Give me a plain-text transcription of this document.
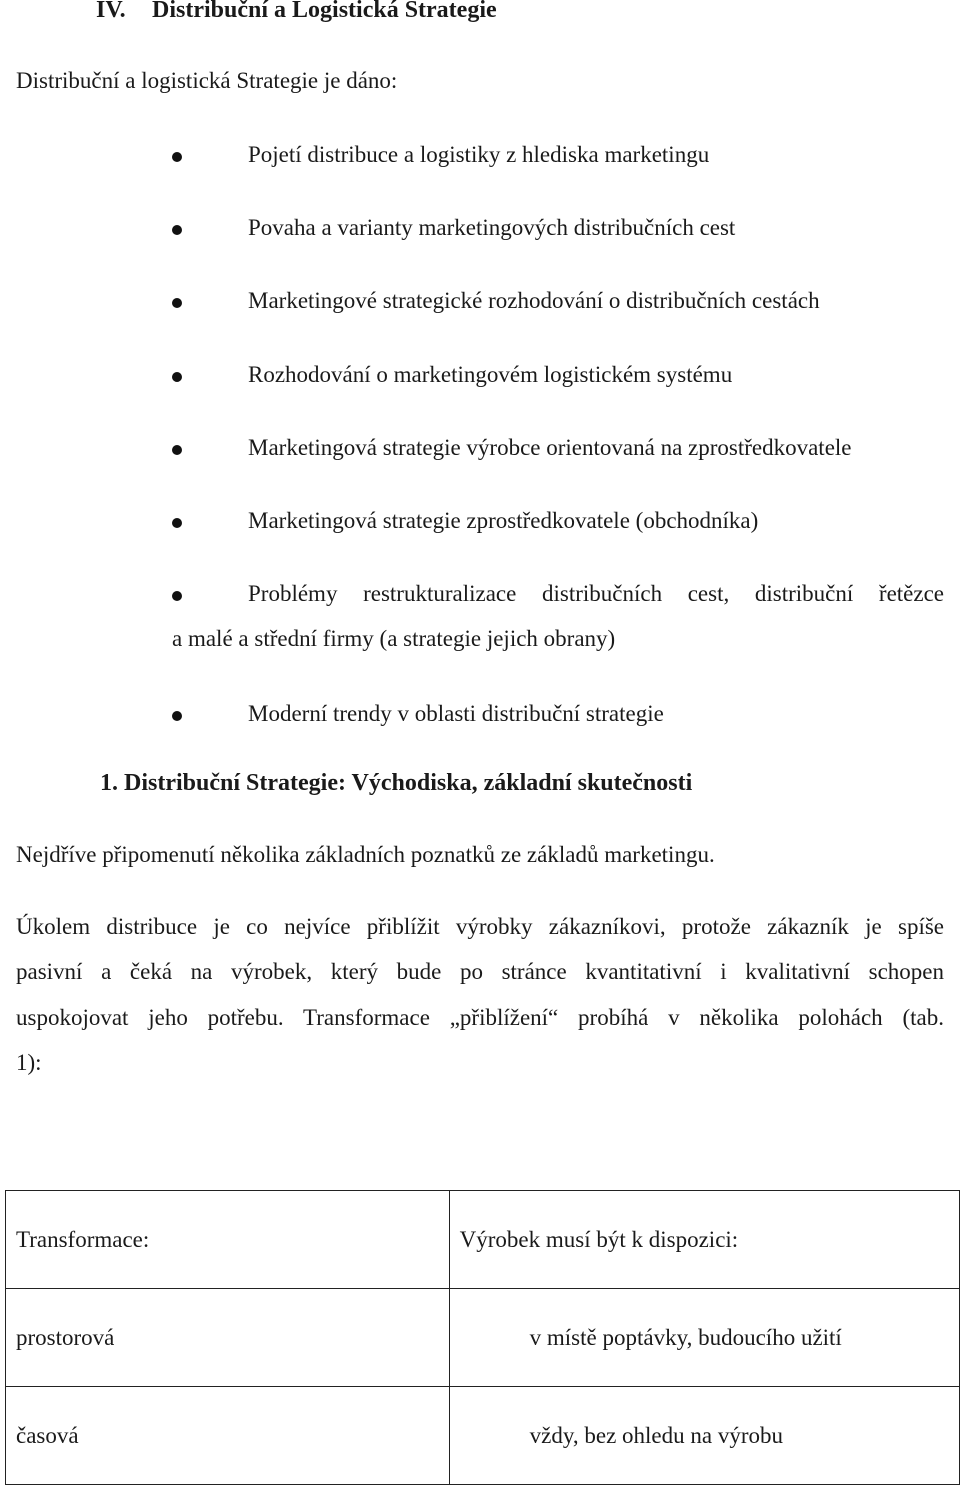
IV. Distribuční a Logistická Strategie
Distribuční a logistická Strategie je dáno:
Pojetí distribuce a logistiky z hlediska marketingu
Povaha a varianty marketingových distribučních cest
Marketingové strategické rozhodování o distribučních cestách
Rozhodování o marketingovém logistickém systému
Marketingová strategie výrobce orientovaná na zprostředkovatele
Marketingová strategie zprostředkovatele (obchodníka)
Problémy restrukturalizace distribučních cest, distribuční řetězce
a malé a střední firmy (a strategie jejich obrany)
Moderní trendy v oblasti distribuční strategie
1. Distribuční Strategie: Východiska, základní skutečnosti
Nejdříve připomenutí několika základních poznatků ze základů marketingu.
Úkolem distribuce je co nejvíce přiblížit výrobky zákazníkovi, protože zákazník je spíše
pasivní a čeká na výrobek, který bude po stránce kvantitativní i kvalitativní schopen
uspokojovat jeho potřebu. Transformace „přiblížení“ probíhá v několika polohách (tab.
1):
Transformace:	Výrobek musí být k dispozici:
prostorová	v místě poptávky, budoucího užití
časová	vždy, bez ohledu na výrobu
